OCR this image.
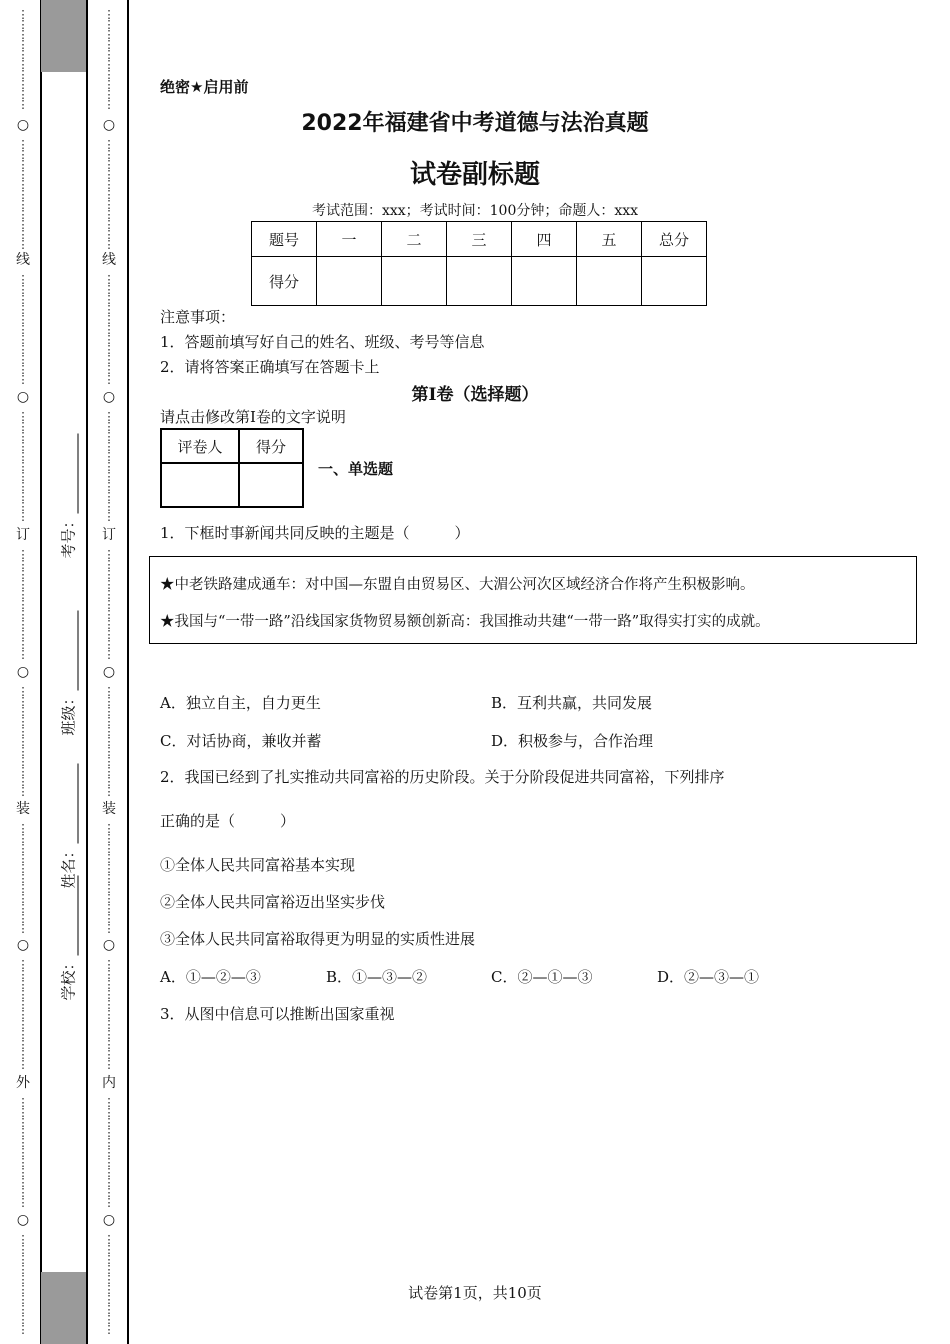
⋮
⋮
⋮
⋮
⋮
⋮
⋮
⋮
⋮
⋮
○
⋮
⋮
⋮
⋮
⋮
⋮
⋮
⋮
⋮
⋮
⋮
线
⋮
⋮
⋮
⋮
⋮
⋮
⋮
⋮
⋮
⋮
⋮
○
⋮
⋮
⋮
⋮
⋮
⋮
⋮
⋮
⋮
⋮
⋮
订
⋮
⋮
⋮
⋮
⋮
⋮
⋮
⋮
⋮
⋮
⋮
○
⋮
⋮
⋮
⋮
⋮
⋮
⋮
⋮
⋮
⋮
⋮
装
⋮
⋮
⋮
⋮
⋮
⋮
⋮
⋮
⋮
⋮
⋮
○
⋮
⋮
⋮
⋮
⋮
⋮
⋮
⋮
⋮
⋮
⋮
外
⋮
⋮
⋮
⋮
⋮
⋮
⋮
⋮
⋮
⋮
⋮
○
⋮
⋮
⋮
⋮
⋮
⋮
⋮
⋮
⋮
⋮
⋮
⋮
⋮
⋮
⋮
⋮
⋮
⋮
⋮
⋮
○
⋮
⋮
⋮
⋮
⋮
⋮
⋮
⋮
⋮
⋮
⋮
线
⋮
⋮
⋮
⋮
⋮
⋮
⋮
⋮
⋮
⋮
⋮
○
⋮
⋮
⋮
⋮
⋮
⋮
⋮
⋮
⋮
⋮
⋮
订
⋮
⋮
⋮
⋮
⋮
⋮
⋮
⋮
⋮
⋮
⋮
○
⋮
⋮
⋮
⋮
⋮
⋮
⋮
⋮
⋮
⋮
⋮
装
⋮
⋮
⋮
⋮
⋮
⋮
⋮
⋮
⋮
⋮
⋮
○
⋮
⋮
⋮
⋮
⋮
⋮
⋮
⋮
⋮
⋮
⋮
内
⋮
⋮
⋮
⋮
⋮
⋮
⋮
⋮
⋮
⋮
⋮
○
⋮
⋮
⋮
⋮
⋮
⋮
⋮
⋮
⋮
⋮
考号：
班级：
姓名：
学校：
绝密★启用前
2022年福建省中考道德与法治真题
试卷副标题
考试范围：xxx；考试时间：100分钟；命题人：xxx
题号	一	二	三	四	五	总分
得分						
注意事项：
1．答题前填写好自己的姓名、班级、考号等信息
2．请将答案正确填写在答题卡上
第I卷（选择题）
请点击修改第I卷的文字说明
评卷人	得分

一、单选题
1．下框时事新闻共同反映的主题是（　　　）
★中老铁路建成通车：对中国—东盟自由贸易区、大湄公河次区域经济合作将产生积极影响。
★我国与“一带一路”沿线国家货物贸易额创新高：我国推动共建“一带一路”取得实打实的成就。
A．独立自主，自力更生	B．互利共赢，共同发展
C．对话协商，兼收并蓄	D．积极参与，合作治理
2．我国已经到了扎实推动共同富裕的历史阶段。关于分阶段促进共同富裕，下列排序
正确的是（　　　）
①全体人民共同富裕基本实现
②全体人民共同富裕迈出坚实步伐
③全体人民共同富裕取得更为明显的实质性进展
A．①—②—③	B．①—③—②	C．②—①—③	D．②—③—①
3．从图中信息可以推断出国家重视
试卷第1页，共10页
